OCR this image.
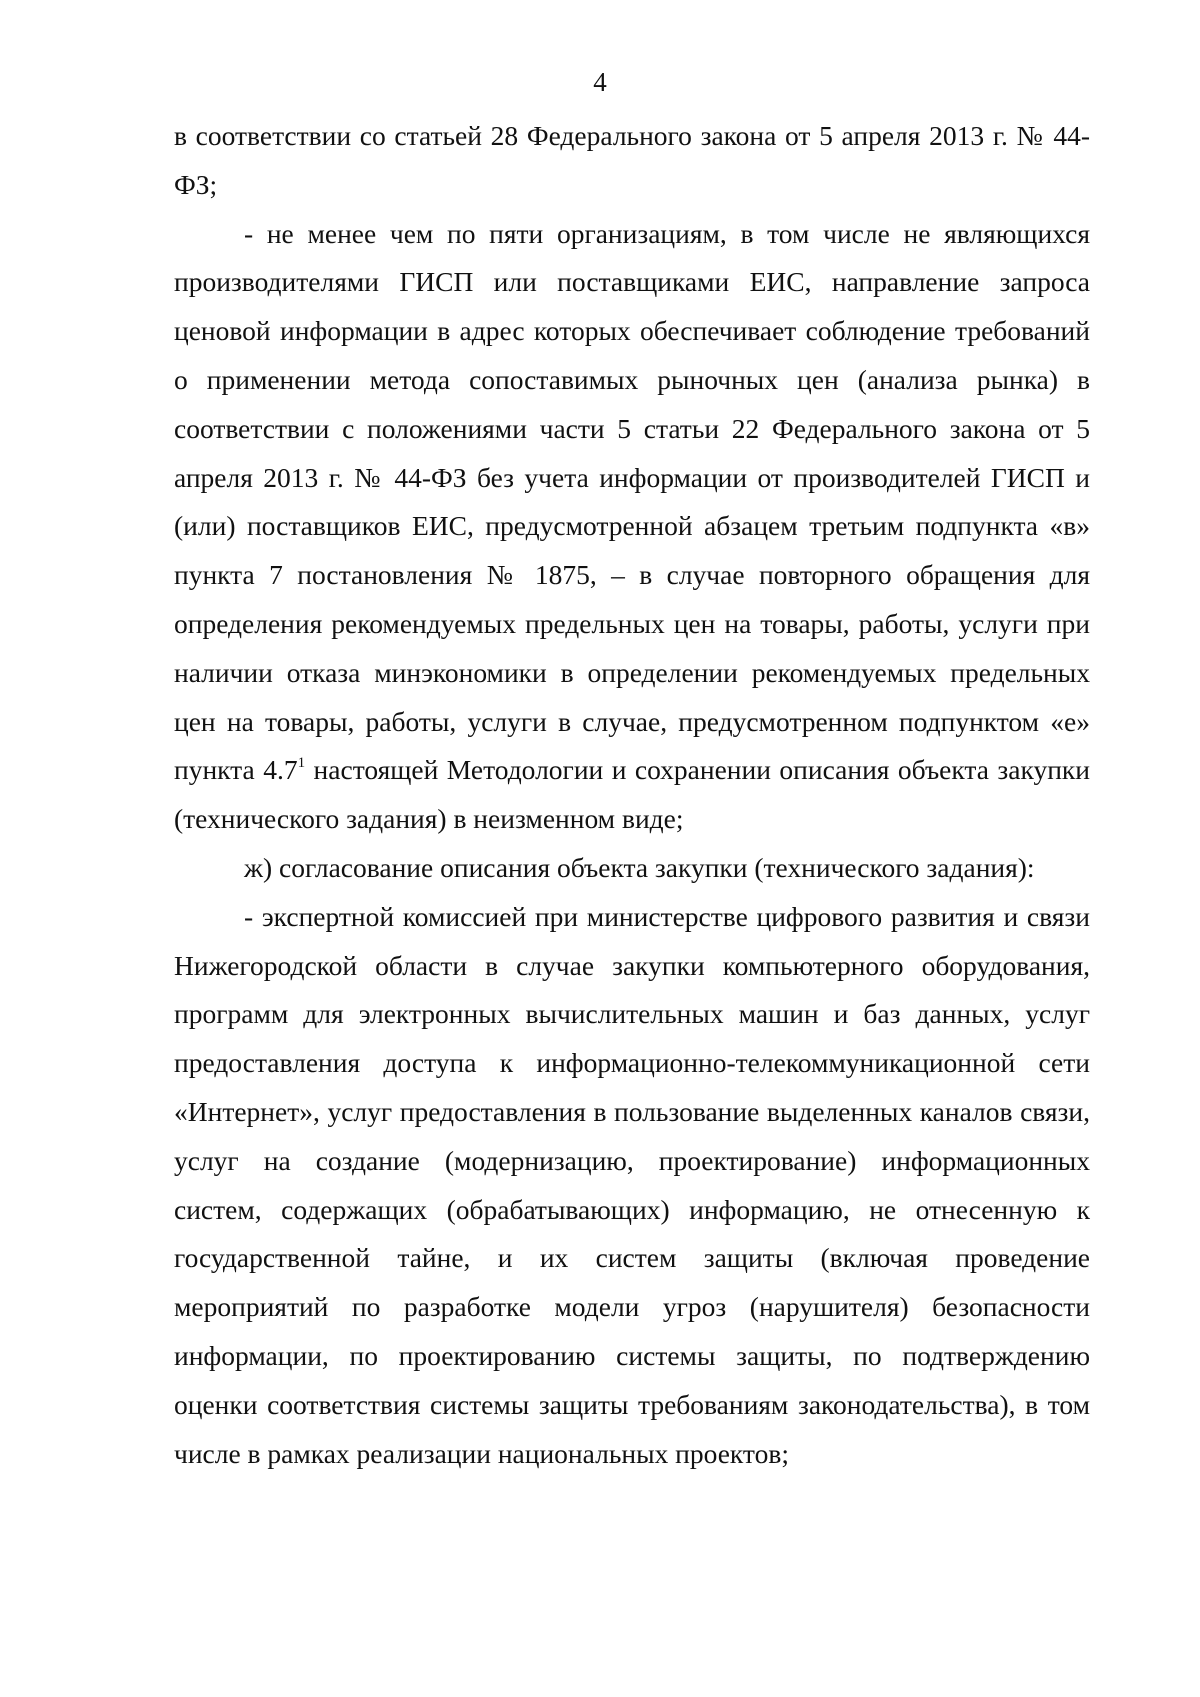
4

в соответствии со статьей 28 Федерального закона от 5 апреля 2013 г. № 44-ФЗ;

- не менее чем по пяти организациям, в том числе не являющихся производителями ГИСП или поставщиками ЕИС, направление запроса ценовой информации в адрес которых обеспечивает соблюдение требований о применении метода сопоставимых рыночных цен (анализа рынка) в соответствии с положениями части 5 статьи 22 Федерального закона от 5 апреля 2013 г. № 44-ФЗ без учета информации от производителей ГИСП и (или) поставщиков ЕИС, предусмотренной абзацем третьим подпункта «в» пункта 7 постановления № 1875, – в случае повторного обращения для определения рекомендуемых предельных цен на товары, работы, услуги при наличии отказа минэкономики в определении рекомендуемых предельных цен на товары, работы, услуги в случае, предусмотренном подпунктом «е» пункта $4.7^1$ настоящей Методологии и сохранении описания объекта закупки (технического задания) в неизменном виде;

ж) согласование описания объекта закупки (технического задания):

- экспертной комиссией при министерстве цифрового развития и связи Нижегородской области в случае закупки компьютерного оборудования, программ для электронных вычислительных машин и баз данных, услуг предоставления доступа к информационно-телекоммуникационной сети «Интернет», услуг предоставления в пользование выделенных каналов связи, услуг на создание (модернизацию, проектирование) информационных систем, содержащих (обрабатывающих) информацию, не отнесенную к государственной тайне, и их систем защиты (включая проведение мероприятий по разработке модели угроз (нарушителя) безопасности информации, по проектированию системы защиты, по подтверждению оценки соответствия системы защиты требованиям законодательства), в том числе в рамках реализации национальных проектов;
